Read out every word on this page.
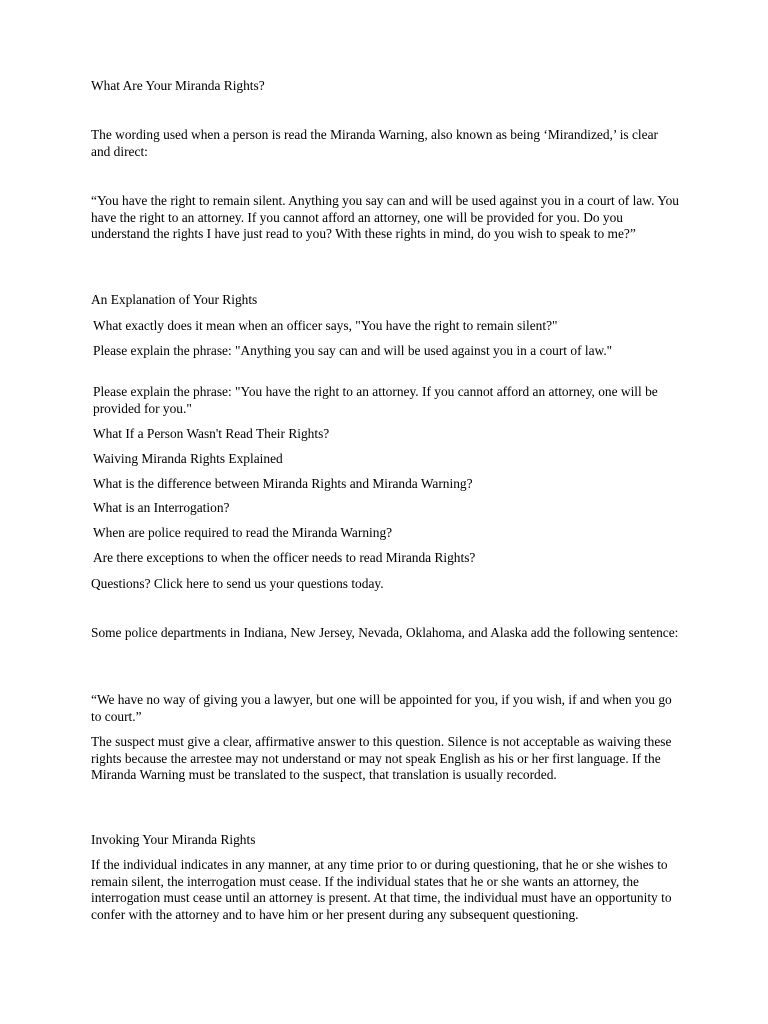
What Are Your Miranda Rights?

The wording used when a person is read the Miranda Warning, also known as being ‘Mirandized,’ is clear and direct:

“You have the right to remain silent. Anything you say can and will be used against you in a court of law. You have the right to an attorney. If you cannot afford an attorney, one will be provided for you. Do you understand the rights I have just read to you? With these rights in mind, do you wish to speak to me?”

An Explanation of Your Rights

What exactly does it mean when an officer says, "You have the right to remain silent?"

Please explain the phrase: "Anything you say can and will be used against you in a court of law."

Please explain the phrase: "You have the right to an attorney. If you cannot afford an attorney, one will be provided for you."

What If a Person Wasn't Read Their Rights?

Waiving Miranda Rights Explained

What is the difference between Miranda Rights and Miranda Warning?

What is an Interrogation?

When are police required to read the Miranda Warning?

Are there exceptions to when the officer needs to read Miranda Rights?

Questions? Click here to send us your questions today.

Some police departments in Indiana, New Jersey, Nevada, Oklahoma, and Alaska add the following sentence:

“We have no way of giving you a lawyer, but one will be appointed for you, if you wish, if and when you go to court.”

The suspect must give a clear, affirmative answer to this question. Silence is not acceptable as waiving these rights because the arrestee may not understand or may not speak English as his or her first language. If the Miranda Warning must be translated to the suspect, that translation is usually recorded.

Invoking Your Miranda Rights

If the individual indicates in any manner, at any time prior to or during questioning, that he or she wishes to remain silent, the interrogation must cease. If the individual states that he or she wants an attorney, the interrogation must cease until an attorney is present. At that time, the individual must have an opportunity to confer with the attorney and to have him or her present during any subsequent questioning.
